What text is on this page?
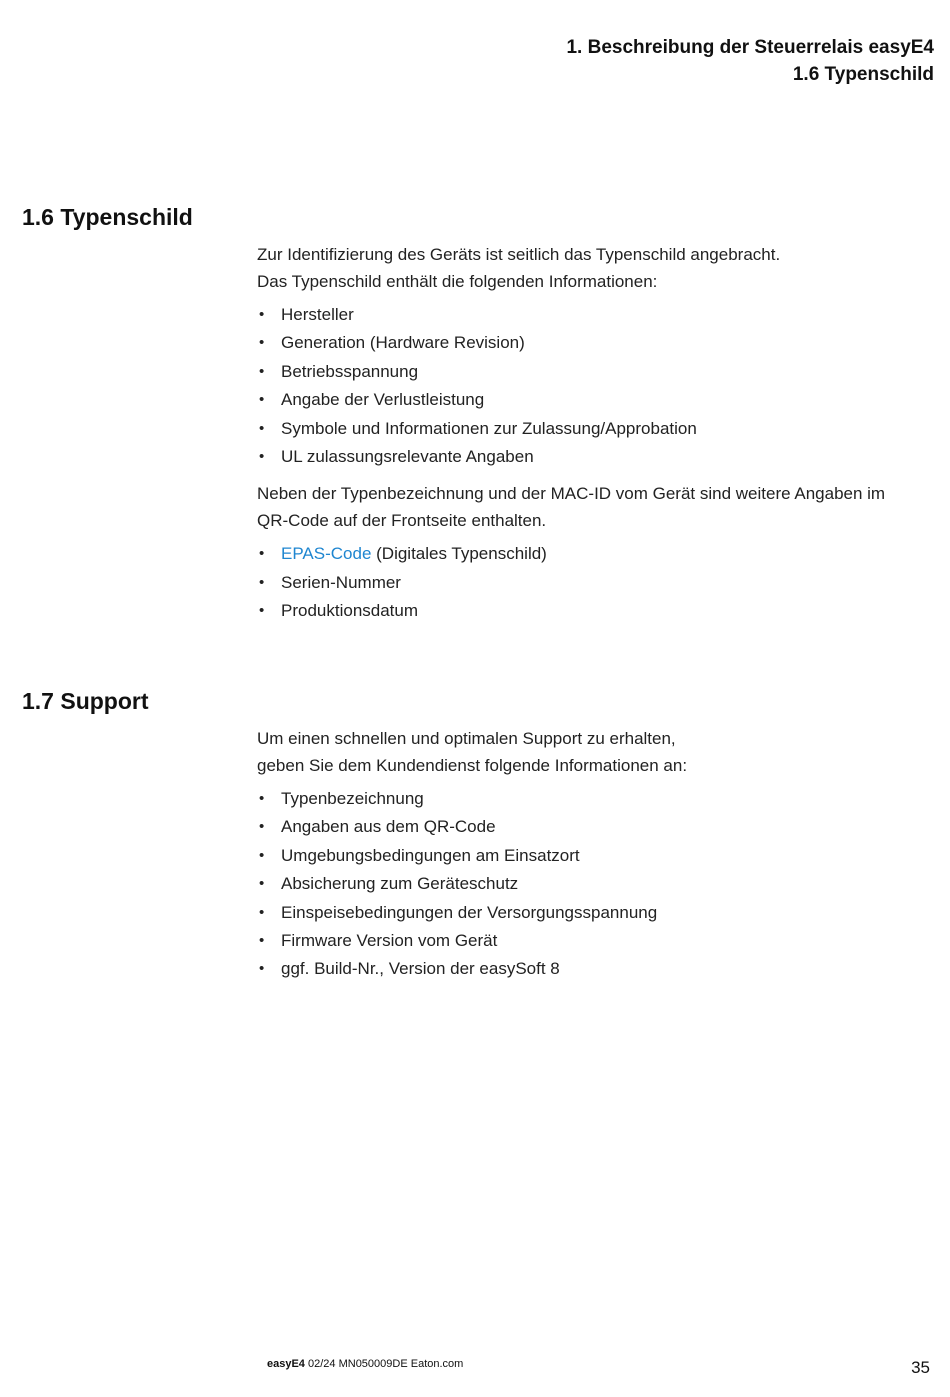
1. Beschreibung der Steuerrelais easyE4
1.6 Typenschild
1.6 Typenschild

Zur Identifizierung des Geräts ist seitlich das Typenschild angebracht.

Das Typenschild enthält die folgenden Informationen:

• Hersteller
• Generation (Hardware Revision)
• Betriebsspannung
• Angabe der Verlustleistung
• Symbole und Informationen zur Zulassung/Approbation
• UL zulassungsrelevante Angaben

Neben der Typenbezeichnung und der MAC-ID vom Gerät sind weitere Angaben im

QR-Code auf der Frontseite enthalten.

• EPAS-Code (Digitales Typenschild)
• Serien-Nummer
• Produktionsdatum
1.7 Support

Um einen schnellen und optimalen Support zu erhalten,

geben Sie dem Kundendienst folgende Informationen an:

• Typenbezeichnung
• Angaben aus dem QR-Code
• Umgebungsbedingungen am Einsatzort
• Absicherung zum Geräteschutz
• Einspeisebedingungen der Versorgungsspannung
• Firmware Version vom Gerät
• ggf. Build-Nr., Version der easySoft 8
easyE4 02/24 MN050009DE Eaton.com	35
